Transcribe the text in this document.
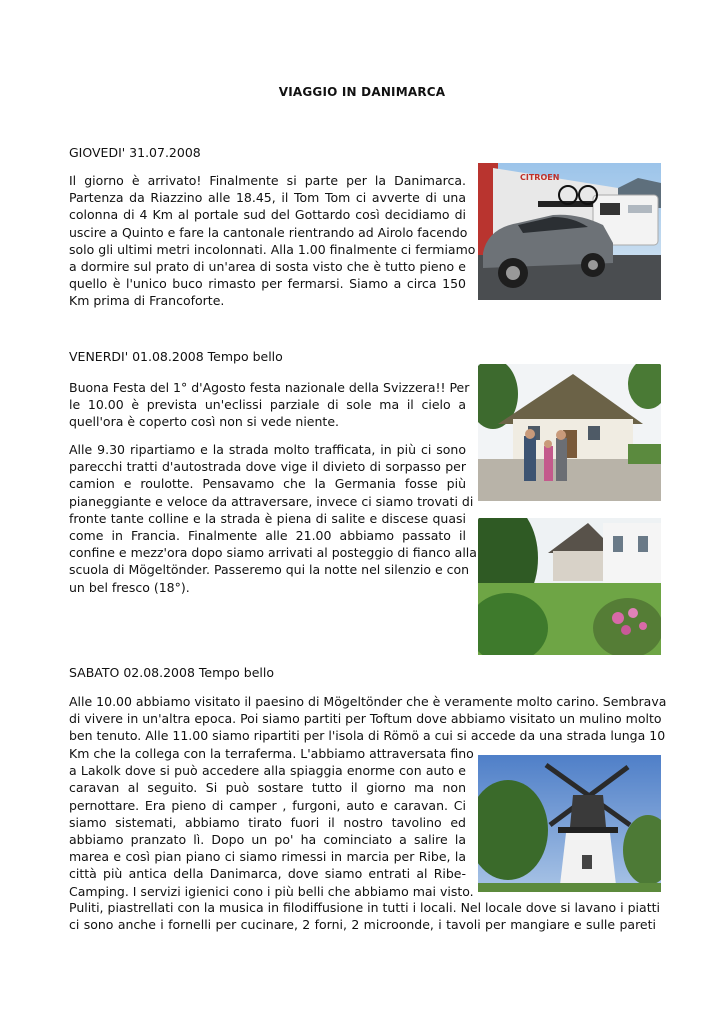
VIAGGIO IN DANIMARCA
GIOVEDI' 31.07.2008
Il giorno è arrivato! Finalmente si parte per la Danimarca.
Partenza da Riazzino alle 18.45, il Tom Tom ci avverte di una
colonna di 4 Km al portale sud del Gottardo così decidiamo di
uscire a Quinto e fare la cantonale rientrando ad Airolo facendo
solo gli ultimi metri incolonnati. Alla 1.00 finalmente ci fermiamo
a dormire sul prato di un'area di sosta visto che è tutto pieno e
quello è l'unico buco rimasto per fermarsi. Siamo a circa 150
Km prima di Francoforte.
VENERDI' 01.08.2008 Tempo bello
Buona Festa del 1° d'Agosto festa nazionale della Svizzera!! Per
le 10.00 è prevista un'eclissi parziale di sole ma il cielo a
quell'ora è coperto così non si vede niente.
Alle 9.30 ripartiamo e la strada molto trafficata, in più ci sono
parecchi tratti d'autostrada dove vige il divieto di sorpasso per
camion e roulotte. Pensavamo che la Germania fosse più
pianeggiante e veloce da attraversare, invece ci siamo trovati di
fronte tante colline e la strada è piena di salite e discese quasi
come in Francia. Finalmente alle 21.00 abbiamo passato il
confine e mezz'ora dopo siamo arrivati al posteggio di fianco alla
scuola di Mögeltönder. Passeremo qui la notte nel silenzio e con
un bel fresco (18°).
SABATO 02.08.2008 Tempo bello
Alle 10.00 abbiamo visitato il paesino di Mögeltönder che è veramente molto carino. Sembrava
di vivere in un'altra epoca. Poi siamo partiti per Toftum dove abbiamo visitato un mulino molto
ben tenuto. Alle 11.00 siamo ripartiti per l'isola di Römö a cui si accede da una strada lunga 10
Km che la collega con la terraferma. L'abbiamo attraversata fino
a Lakolk dove si può accedere alla spiaggia enorme con auto e
caravan al seguito. Si può sostare tutto il giorno ma non
pernottare. Era pieno di camper , furgoni, auto e caravan. Ci
siamo sistemati, abbiamo tirato fuori il nostro tavolino ed
abbiamo pranzato lì. Dopo un po' ha cominciato a salire la
marea e così pian piano ci siamo rimessi in marcia per Ribe, la
città più antica della Danimarca, dove siamo entrati al Ribe-
Camping. I servizi igienici cono i più belli che abbiamo mai visto.
Puliti, piastrellati con la musica in filodiffusione in tutti i locali. Nel locale dove si lavano i piatti
ci sono anche i fornelli per cucinare, 2 forni, 2 microonde, i tavoli per mangiare e sulle pareti
CITROEN
